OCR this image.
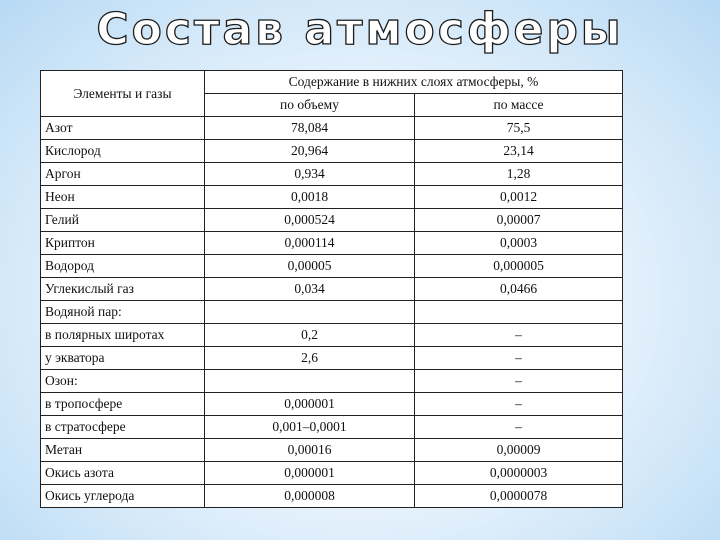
Состав атмосферы
Элементы и газы	Содержание в нижних слоях атмосферы, %	
	по объему	по массе
Азот	78,084	75,5
Кислород	20,964	23,14
Аргон	0,934	1,28
Неон	0,0018	0,0012
Гелий	0,000524	0,00007
Криптон	0,000114	0,0003
Водород	0,00005	0,000005
Углекислый газ	0,034	0,0466
Водяной пар:		
в полярных широтах	0,2	–
у экватора	2,6	–
Озон:		–
в тропосфере	0,000001	–
в стратосфере	0,001–0,0001	–
Метан	0,00016	0,00009
Окись азота	0,000001	0,0000003
Окись углерода	0,000008	0,0000078
